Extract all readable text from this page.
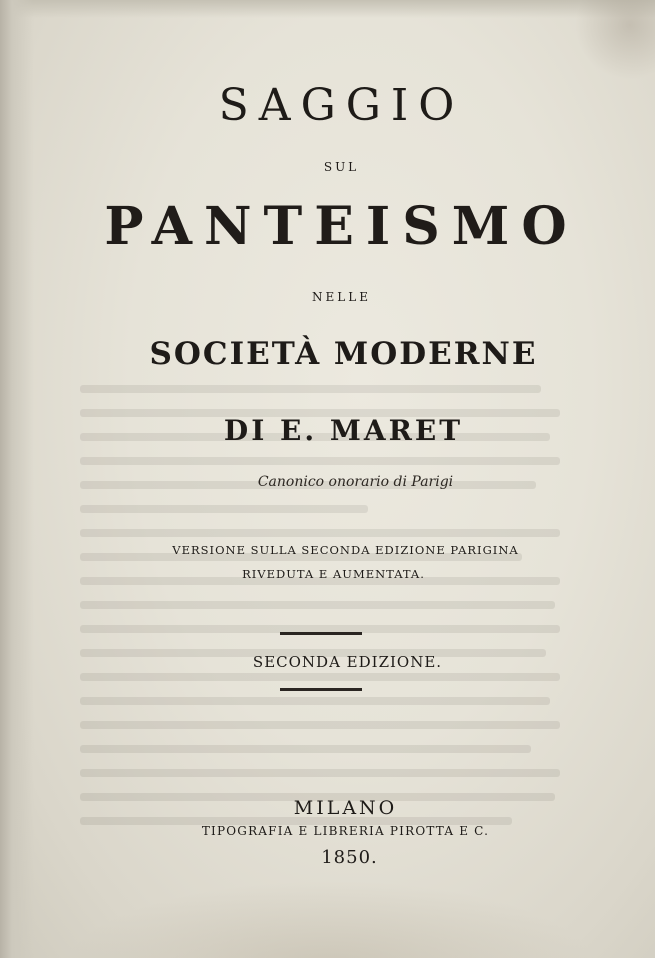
SAGGIO
SUL
PANTEISMO
NELLE
SOCIETÀ MODERNE
DI E. MARET
Canonico onorario di Parigi
VERSIONE SULLA SECONDA EDIZIONE PARIGINA
RIVEDUTA E AUMENTATA.
SECONDA EDIZIONE.
MILANO
TIPOGRAFIA E LIBRERIA PIROTTA E C.
1850.
